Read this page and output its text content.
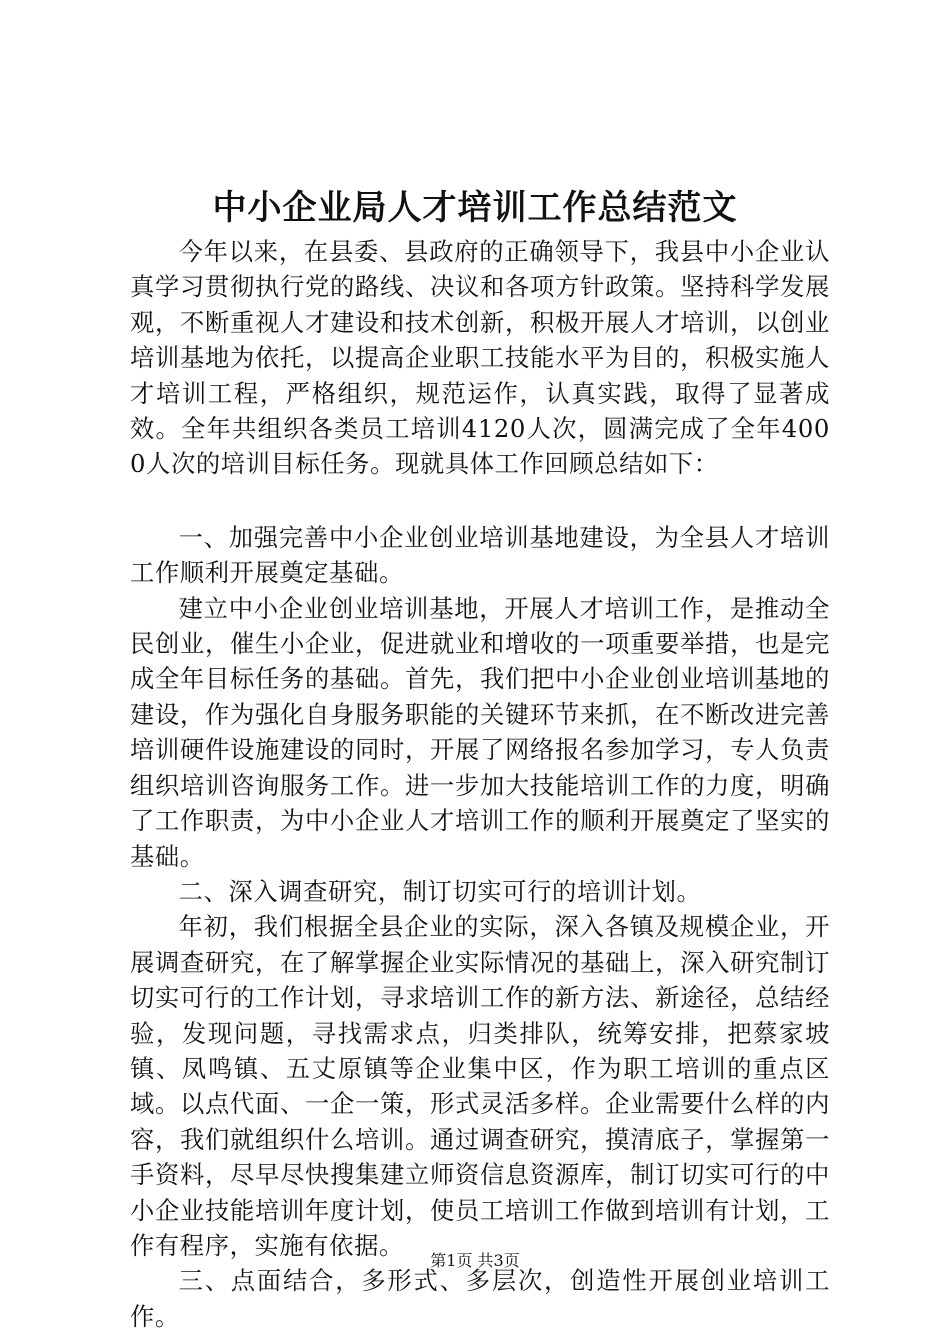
中小企业局人才培训工作总结范文

今年以来，在县委、县政府的正确领导下，我县中小企业认真学习贯彻执行党的路线、决议和各项方针政策。坚持科学发展观，不断重视人才建设和技术创新，积极开展人才培训，以创业培训基地为依托，以提高企业职工技能水平为目的，积极实施人才培训工程，严格组织，规范运作，认真实践，取得了显著成效。全年共组织各类员工培训4120人次，圆满完成了全年4000人次的培训目标任务。现就具体工作回顾总结如下：

一、加强完善中小企业创业培训基地建设，为全县人才培训工作顺利开展奠定基础。

建立中小企业创业培训基地，开展人才培训工作，是推动全民创业，催生小企业，促进就业和增收的一项重要举措，也是完成全年目标任务的基础。首先，我们把中小企业创业培训基地的建设，作为强化自身服务职能的关键环节来抓，在不断改进完善培训硬件设施建设的同时，开展了网络报名参加学习，专人负责组织培训咨询服务工作。进一步加大技能培训工作的力度，明确了工作职责，为中小企业人才培训工作的顺利开展奠定了坚实的基础。

二、深入调查研究，制订切实可行的培训计划。

年初，我们根据全县企业的实际，深入各镇及规模企业，开展调查研究，在了解掌握企业实际情况的基础上，深入研究制订切实可行的工作计划，寻求培训工作的新方法、新途径，总结经验，发现问题，寻找需求点，归类排队，统筹安排，把蔡家坡镇、凤鸣镇、五丈原镇等企业集中区，作为职工培训的重点区域。以点代面、一企一策，形式灵活多样。企业需要什么样的内容，我们就组织什么培训。通过调查研究，摸清底子，掌握第一手资料，尽早尽快搜集建立师资信息资源库，制订切实可行的中小企业技能培训年度计划，使员工培训工作做到培训有计划，工作有程序，实施有依据。

三、点面结合，多形式、多层次，创造性开展创业培训工作。

第1页 共3页
